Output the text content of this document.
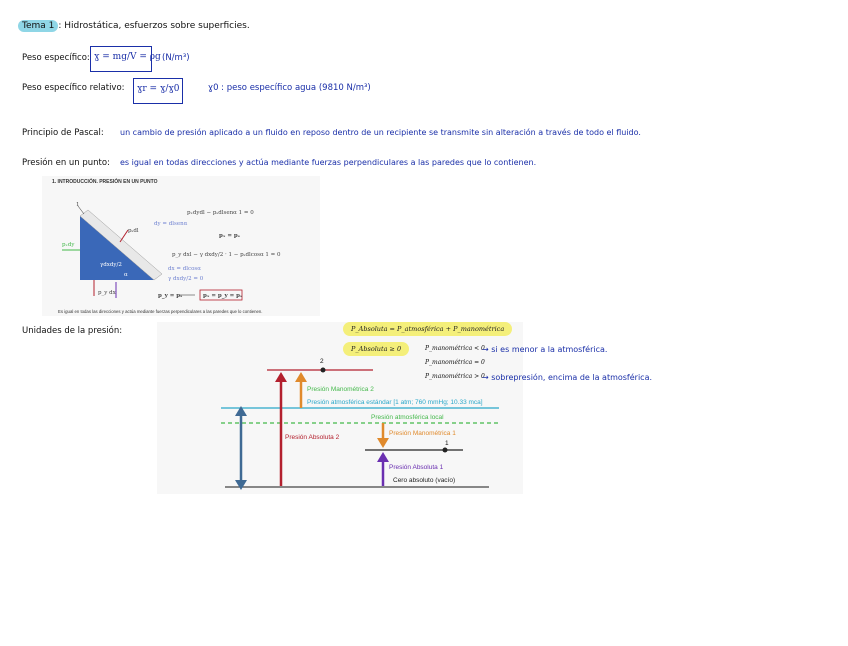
Tema 1 : Hidrostática, esfuerzos sobre superficies.
Peso específico: ɣ = mg/V = ρg (N/m³)
Peso específico relativo: ɣr = ɣ/ɣ0	ɣ0 : peso específico agua (9810 N/m³)
Principio de Pascal: un cambio de presión aplicado a un fluido en reposo dentro de un recipiente se transmite sin alteración a través de todo el fluido.
Presión en un punto: es igual en todas direcciones y actúa mediante fuerzas perpendiculares a las paredes que lo contienen.
1. INTRODUCCIÓN. PRESIÓN EN UN PUNTO
pₓdy
pₛdl
γdxdy/2
p_y dx
1
α
pₓdydl − pₛdlsenα 1 = 0
dy = dlsenα
pₓ = pₛ
p_y dxl − γ dxdy/2 · 1 − pₛdlcosα 1 = 0
dx = dlcosα
γ dxdy/2 = 0
p_y = pₛ	pₓ = p_y = pₛ
Es igual en todas las direcciones y actúa mediante fuerzas perpendiculares a las paredes que lo contienen.
Unidades de la presión:	P_Absoluta = P_atmosférica + P_manométrica
P_Absoluta ≥ 0
2
1
Presión Manométrica 2
Presión atmosférica estándar [1 atm; 760 mmHg; 10.33 mca]
Presión atmosférica local
Presión Manométrica 1
Presión Absoluta 2
Presión Absoluta 1
Cero absoluto (vacío)
P_manométrica < 0
P_manométrica = 0
P_manométrica > 0
→ si es menor a la atmosférica.
→ sobrepresión, encima de la atmosférica.
